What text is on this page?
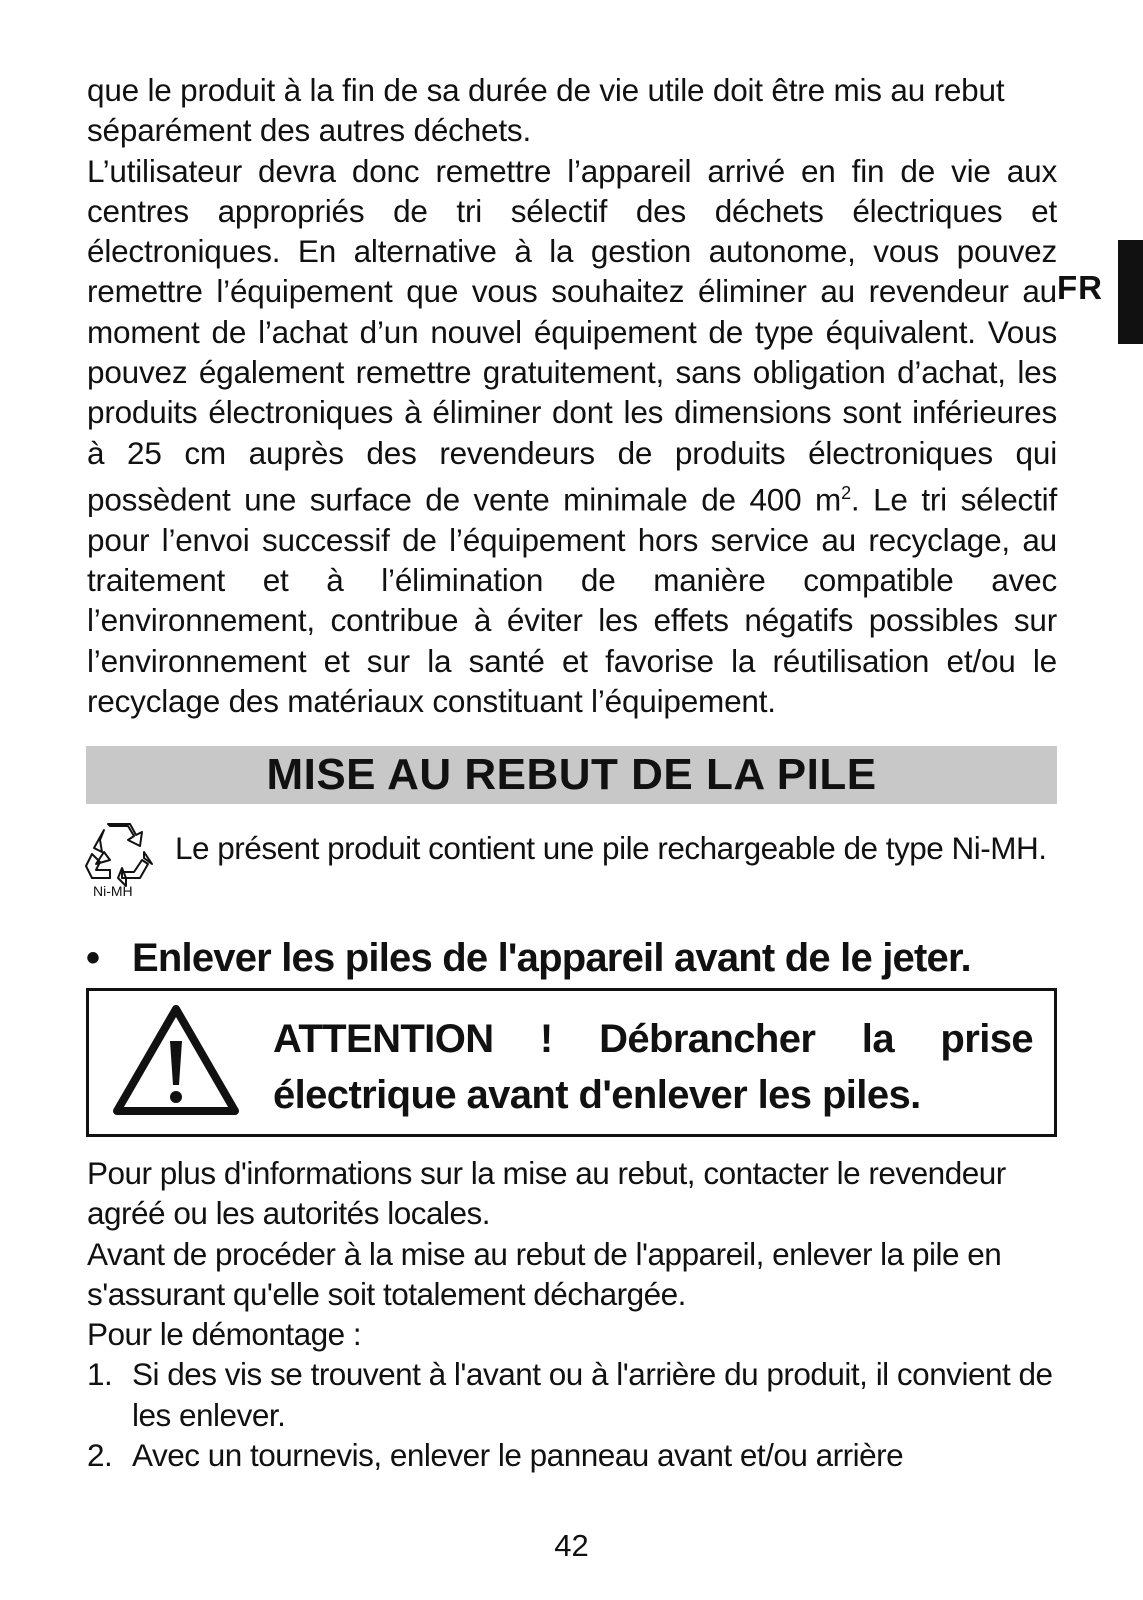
que le produit à la fin de sa durée de vie utile doit être mis au rebut séparément des autres déchets.

L’utilisateur devra donc remettre l’appareil arrivé en fin de vie aux centres appropriés de tri sélectif des déchets électriques et électroniques. En alternative à la gestion autonome, vous pouvez remettre l’équipement que vous souhaitez éliminer au revendeur au moment de l’achat d’un nouvel équipement de type équivalent. Vous pouvez également remettre gratuitement, sans obligation d’achat, les produits électroniques à éliminer dont les dimensions sont inférieures à 25 cm auprès des revendeurs de produits électroniques qui possèdent une surface de vente minimale de 400 $m^2$. Le tri sélectif pour l’envoi successif de l’équipement hors service au recyclage, au traitement et à l’élimination de manière compatible avec l’environnement, contribue à éviter les effets négatifs possibles sur l’environnement et sur la santé et favorise la réutilisation et/ou le recyclage des matériaux constituant l’équipement.

FR
MISE AU REBUT DE LA PILE
Ni-MH
Le présent produit contient une pile rechargeable de type Ni-MH.
• Enlever les piles de l'appareil avant de le jeter.
ATTENTION ! Débrancher la prise électrique avant d'enlever les piles.

Pour plus d'informations sur la mise au rebut, contacter le revendeur agréé ou les autorités locales.

Avant de procéder à la mise au rebut de l'appareil, enlever la pile en s'assurant qu'elle soit totalement déchargée.

Pour le démontage :

1. Si des vis se trouvent à l'avant ou à l'arrière du produit, il convient de les enlever.
2. Avec un tournevis, enlever le panneau avant et/ou arrière
42
